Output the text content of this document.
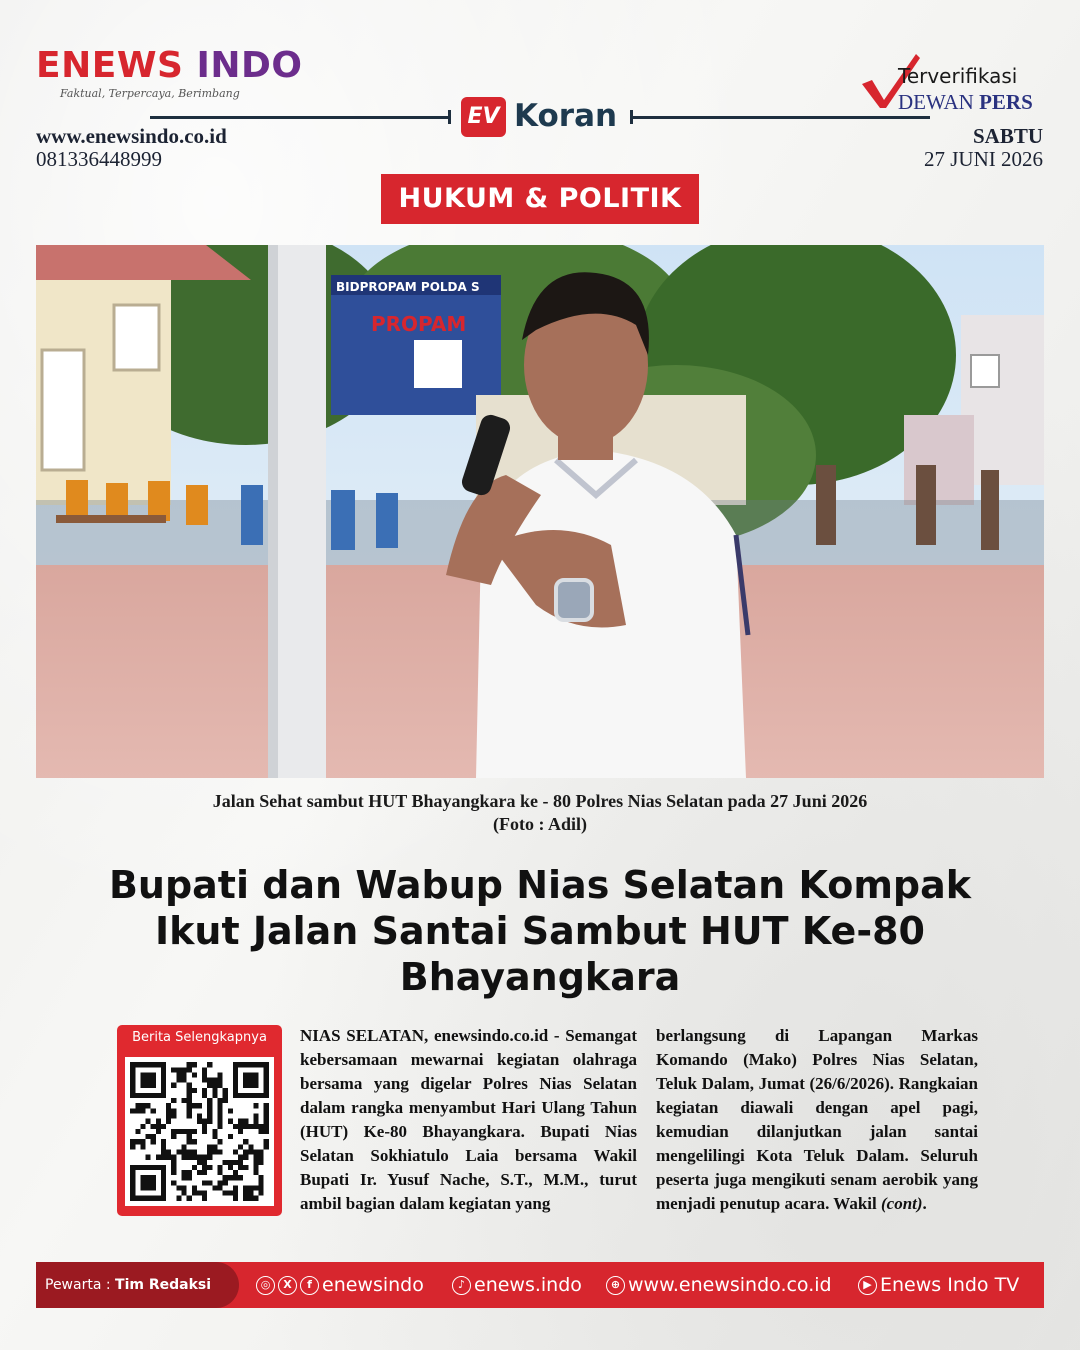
ENEWS INDO
Faktual, Terpercaya, Berimbang
www.enewsindo.co.id
081336448999
EV Koran
Terverifikasi
DEWAN PERS
SABTU
27 JUNI 2026
HUKUM & POLITIK
BIDPROPAM POLDA S
PROPAM
Jalan Sehat sambut HUT Bhayangkara ke - 80 Polres Nias Selatan pada 27 Juni 2026
(Foto : Adil)
Bupati dan Wabup Nias Selatan Kompak Ikut Jalan Santai Sambut HUT Ke-80 Bhayangkara
Berita Selengkapnya	NIAS SELATAN, enewsindo.co.id - Semangat kebersamaan mewarnai kegiatan olahraga bersama yang digelar Polres Nias Selatan dalam rangka menyambut Hari Ulang Tahun (HUT) Ke-80 Bhayangkara. Bupati Nias Selatan Sokhiatulo Laia bersama Wakil Bupati Ir. Yusuf Nache, S.T., M.M., turut ambil bagian dalam kegiatan yang
berlangsung di Lapangan Markas Komando (Mako) Polres Nias Selatan, Teluk Dalam, Jumat (26/6/2026). Rangkaian kegiatan diawali dengan apel pagi, kemudian dilanjutkan jalan santai mengelilingi Kota Teluk Dalam. Seluruh peserta juga mengikuti senam aerobik yang menjadi penutup acara. Wakil (cont).
Pewarta : Tim Redaksi	◎ X f enewsindo	♪ enews.indo	⊕ www.enewsindo.co.id	▶ Enews Indo TV
